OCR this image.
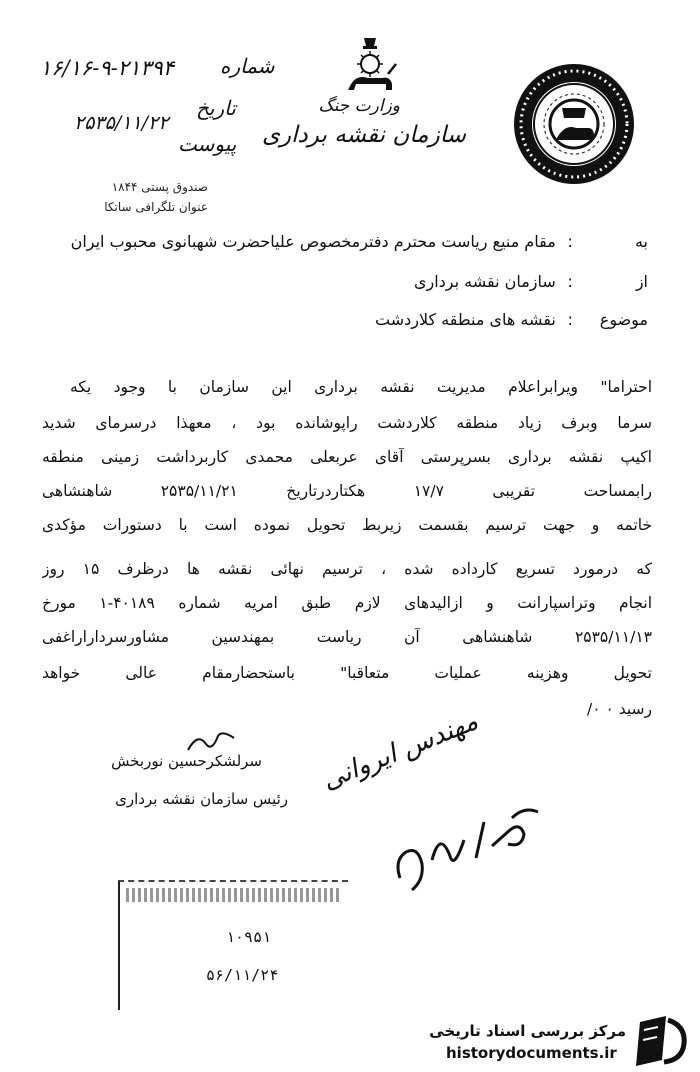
۱۶/۱۶-۹-۲۱۳۹۴ شماره
۲۵۳۵/۱۱/۲۲
تاریخ
پیوست
صندوق پستی ۱۸۴۴
عنوان تلگرافی ساتکا
وزارت جنگ
سازمان نقشه برداری
به : مقام منیع ریاست محترم دفترمخصوص علیاحضرت شهبانوی محبوب ایران
از : سازمان نقشه برداری
موضوع : نقشه های منطقه کلاردشت
احتراما" ویرابراعلام مدیریت نقشه برداری این سازمان با وجود یکه
سرما وبرف زیاد منطقه کلاردشت راپوشانده بود ، معهذا درسرمای شدید
اکیپ نقشه برداری بسرپرستی آقای عربعلی محمدی کاربرداشت زمینی منطقه
رابمساحت تقریبی ۱۷/۷ هکتاردرتاریخ ۲۵۳۵/۱۱/۲۱ شاهنشاهی
خاتمه و جهت ترسیم بقسمت زیربط تحویل نموده است با دستورات مؤکدی
که درمورد تسریع کارداده شده ، ترسیم نهائی نقشه ها درظرف ۱۵ روز
انجام وتراسپارانت و ازالیدهای لازم طبق امریه شماره ۴۰۱۸۹-۱ مورخ
۲۵۳۵/۱۱/۱۳ شاهنشاهی آن ریاست بمهندسین مشاورسرداراراغفی
تحویل وهزینه عملیات متعاقبا" باستحضارمقام عالی خواهد
رسید ۰ ۰/
سرلشکرحسین نوربخش
رئیس سازمان نقشه برداری
مهندس ایروانی
۱۰۹۵۱
۵۶/۱۱/۲۴
مرکز بررسی اسناد تاریخی
historydocuments.ir
